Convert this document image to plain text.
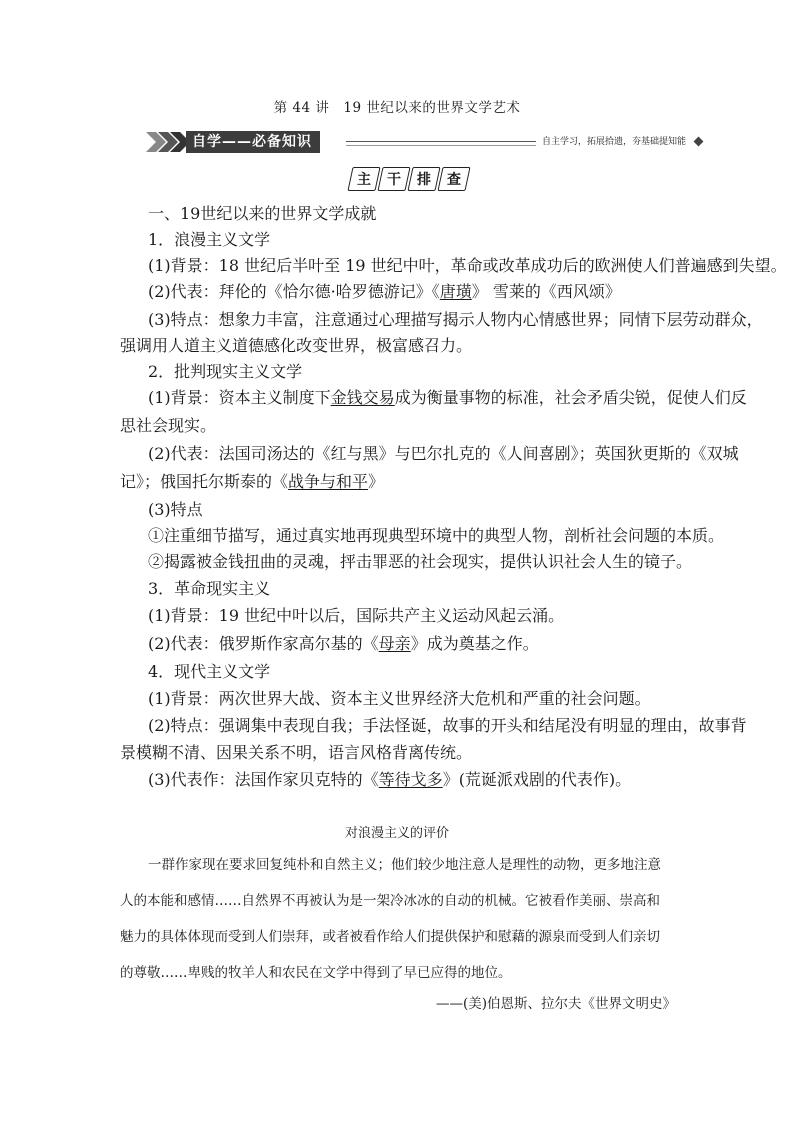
第 44 讲　19 世纪以来的世界文学艺术
自学——必备知识	自主学习，拓展拾遗，夯基础提知能
主 干 排 查
一、19世纪以来的世界文学成就
1．浪漫主义文学
(1)背景：18 世纪后半叶至 19 世纪中叶，革命或改革成功后的欧洲使人们普遍感到失望。
(2)代表：拜伦的《恰尔德·哈罗德游记》《唐璜》 雪莱的《西风颂》
(3)特点：想象力丰富，注意通过心理描写揭示人物内心情感世界；同情下层劳动群众，
强调用人道主义道德感化改变世界，极富感召力。
2．批判现实主义文学
(1)背景：资本主义制度下金钱交易成为衡量事物的标准，社会矛盾尖锐，促使人们反
思社会现实。
(2)代表：法国司汤达的《红与黑》与巴尔扎克的《人间喜剧》；英国狄更斯的《双城
记》；俄国托尔斯泰的《战争与和平》
(3)特点
①注重细节描写，通过真实地再现典型环境中的典型人物，剖析社会问题的本质。
②揭露被金钱扭曲的灵魂，抨击罪恶的社会现实，提供认识社会人生的镜子。
3．革命现实主义
(1)背景：19 世纪中叶以后，国际共产主义运动风起云涌。
(2)代表：俄罗斯作家高尔基的《母亲》成为奠基之作。
4．现代主义文学
(1)背景：两次世界大战、资本主义世界经济大危机和严重的社会问题。
(2)特点：强调集中表现自我；手法怪诞，故事的开头和结尾没有明显的理由，故事背
景模糊不清、因果关系不明，语言风格背离传统。
(3)代表作：法国作家贝克特的《等待戈多》(荒诞派戏剧的代表作)。
对浪漫主义的评价
一群作家现在要求回复纯朴和自然主义；他们较少地注意人是理性的动物，更多地注意
人的本能和感情……自然界不再被认为是一架冷冰冰的自动的机械。它被看作美丽、崇高和
魅力的具体体现而受到人们崇拜，或者被看作给人们提供保护和慰藉的源泉而受到人们亲切
的尊敬……卑贱的牧羊人和农民在文学中得到了早已应得的地位。
——(美)伯恩斯、拉尔夫《世界文明史》
